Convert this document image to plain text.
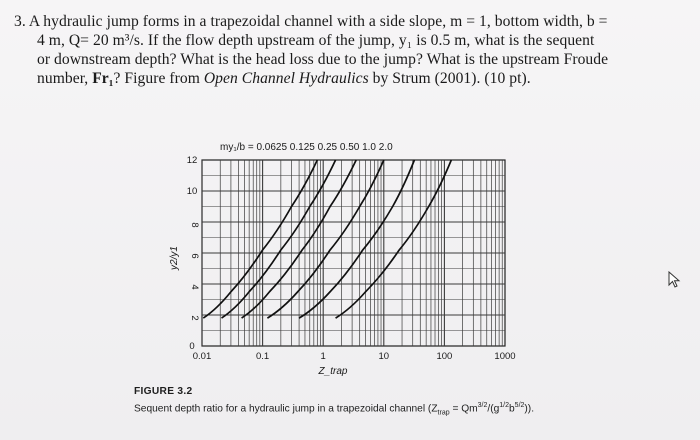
3. A hydraulic jump forms in a trapezoidal channel with a side slope, m = 1, bottom width, b =
4 m, Q= 20 m³/s. If the flow depth upstream of the jump, y₁ is 0.5 m, what is the sequent
or downstream depth? What is the head loss due to the jump? What is the upstream Froude
number, Fr₁? Figure from Open Channel Hydraulics by Strum (2001). (10 pt).
0.01	0.1	1	10	100	1000
0
2
4
6
8
10
12
my₁/b = 0.0625 0.125 0.25 0.50 1.0 2.0
y2/y1
Z_trap
FIGURE 3.2
Sequent depth ratio for a hydraulic jump in a trapezoidal channel $(Z_{trap} = Qm^{3/2}/(g^{1/2}b^{5/2}))$.
